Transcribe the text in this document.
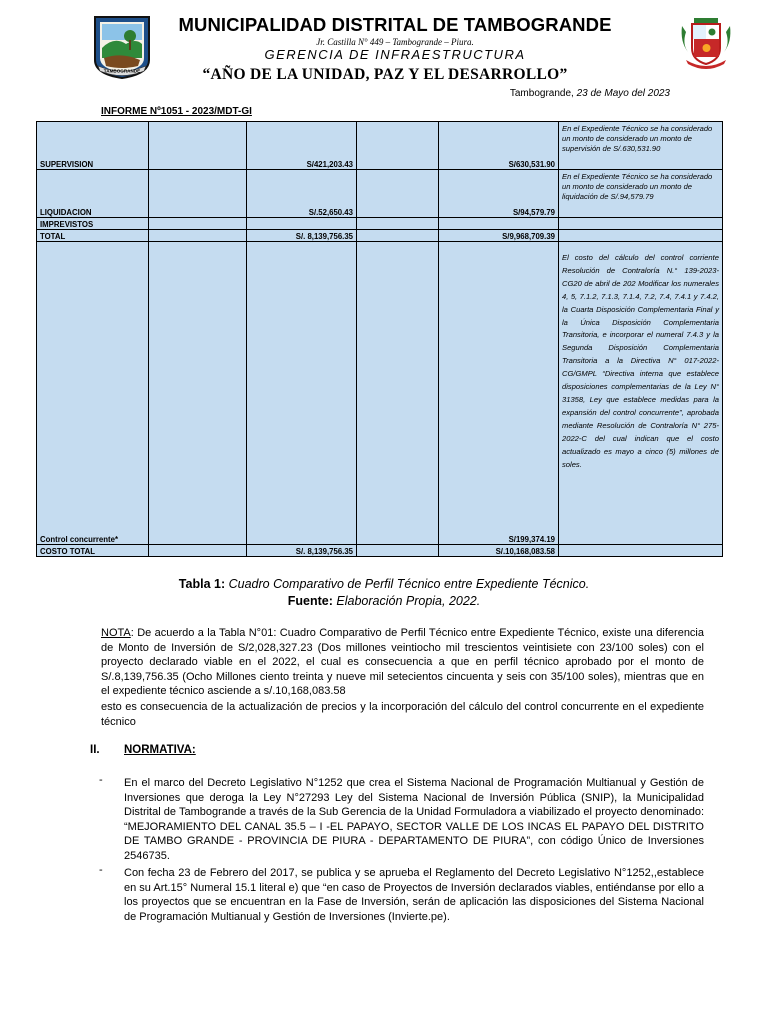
TAMBOGRANDE
MUNICIPALIDAD DISTRITAL DE TAMBOGRANDE
Jr. Castilla N° 449 – Tambogrande – Piura.
GERENCIA DE INFRAESTRUCTURA
“AÑO DE LA UNIDAD, PAZ Y EL DESARROLLO”
Tambogrande, 23 de Mayo del 2023
INFORME Nº1051 - 2023/MDT-GI
SUPERVISION		S/421,203.43		S/630,531.90	En el Expediente Técnico se ha considerado un monto de considerado un monto de supervisión de S/.630,531.90
LIQUIDACION		S/.52,650.43		S/94,579.79	En el Expediente Técnico se ha considerado un monto de considerado un monto de liquidación de S/.94,579.79
IMPREVISTOS					
TOTAL		S/. 8,139,756.35		S/9,968,709.39	
Control concurrente*				S/199,374.19	El costo del cálculo del control corriente Resolución de Contraloría N.° 139-2023-CG20 de abril de 202 Modificar los numerales 4, 5, 7.1.2, 7.1.3, 7.1.4, 7.2, 7.4, 7.4.1 y 7.4.2, la Cuarta Disposición Complementaria Final y la Única Disposición Complementaria Transitoria, e incorporar el numeral 7.4.3 y la Segunda Disposición Complementaria Transitoria a la Directiva N° 017-2022-CG/GMPL “Directiva interna que establece disposiciones complementarias de la Ley N° 31358, Ley que establece medidas para la expansión del control concurrente”, aprobada mediante Resolución de Contraloría N° 275-2022-C del cual indican que el costo actualizado es mayo a cinco (5) millones de soles.
COSTO TOTAL		S/. 8,139,756.35		S/.10,168,083.58	
Tabla 1: Cuadro Comparativo de Perfil Técnico entre Expediente Técnico.
Fuente: Elaboración Propia, 2022.
NOTA: De acuerdo a la Tabla N°01: Cuadro Comparativo de Perfil Técnico entre Expediente Técnico, existe una diferencia de Monto de Inversión de S/2,028,327.23 (Dos millones veintiocho mil trescientos veintisiete con 23/100 soles) con el proyecto declarado viable en el 2022, el cual es consecuencia a que en perfil técnico aprobado por el monto de S/.8,139,756.35 (Ocho Millones ciento treinta y nueve mil setecientos cincuenta y seis con 35/100 soles), mientras que en el expediente técnico asciende a s/.10,168,083.58
esto es consecuencia de la actualización de precios y la incorporación del cálculo del control concurrente en el expediente técnico
II. NORMATIVA:
- En el marco del Decreto Legislativo N°1252 que crea el Sistema Nacional de Programación Multianual y Gestión de Inversiones que deroga la Ley N°27293 Ley del Sistema Nacional de Inversión Pública (SNIP), la Municipalidad Distrital de Tambogrande a través de la Sub Gerencia de la Unidad Formuladora a viabilizado el proyecto denominado: “MEJORAMIENTO DEL CANAL 35.5 – I -EL PAPAYO, SECTOR VALLE DE LOS INCAS EL PAPAYO DEL DISTRITO DE TAMBO GRANDE - PROVINCIA DE PIURA - DEPARTAMENTO DE PIURA”, con código Único de Inversiones 2546735.
- Con fecha 23 de Febrero del 2017, se publica y se aprueba el Reglamento del Decreto Legislativo N°1252,,establece en su Art.15° Numeral 15.1 literal e) que “en caso de Proyectos de Inversión declarados viables, entiéndanse por ello a los proyectos que se encuentran en la Fase de Inversión, serán de aplicación las disposiciones del Sistema Nacional de Programación Multianual y Gestión de Inversiones (Invierte.pe).
